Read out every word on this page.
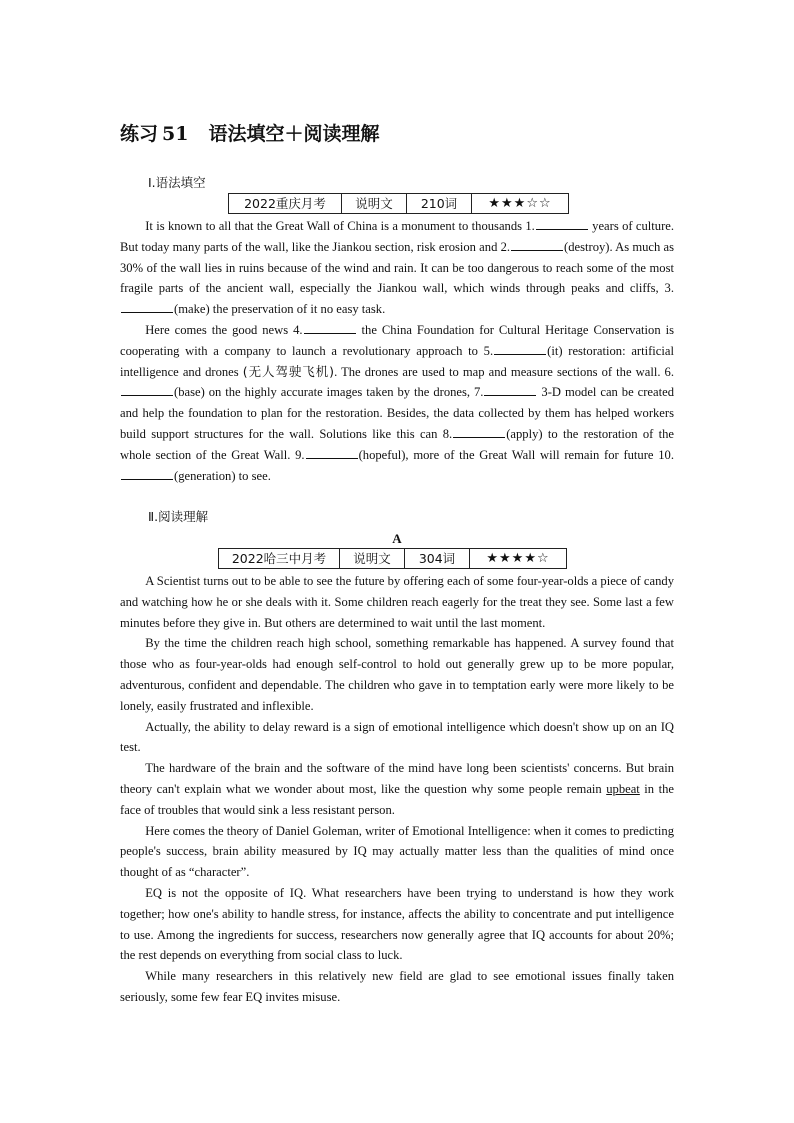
练习 51 语法填空＋阅读理解
Ⅰ.语法填空
2022重庆月考	说明文	210词	★★★☆☆

It is known to all that the Great Wall of China is a monument to thousands 1.	years of culture. But today many parts of the wall, like the Jiankou section, risk erosion and 2.	(destroy). As much as 30% of the wall lies in ruins because of the wind and rain. It can be too dangerous to reach some of the most fragile parts of the ancient wall, especially the Jiankou wall, which winds through peaks and cliffs, 3.(make) the preservation of it no easy task.

Here comes the good news 4.	the China Foundation for Cultural Heritage Conservation is cooperating with a company to launch a revolutionary approach to 5.	(it) restoration: artificial intelligence and drones (无人驾驶飞机). The drones are used to map and measure sections of the wall. 6.(base) on the highly accurate images taken by the drones, 7.	3-D model can be created and help the foundation to plan for the restoration. Besides, the data collected by them has helped workers build support structures for the wall. Solutions like this can 8.	(apply) to the restoration of the whole section of the Great Wall. 9.	(hopeful), more of the Great Wall will remain for future 10.(generation) to see.

Ⅱ.阅读理解
A
2022哈三中月考	说明文	304词	★★★★☆

A Scientist turns out to be able to see the future by offering each of some four-year-olds a piece of candy and watching how he or she deals with it. Some children reach eagerly for the treat they see. Some last a few minutes before they give in. But others are determined to wait until the last moment.

By the time the children reach high school, something remarkable has happened. A survey found that those who as four-year-olds had enough self-control to hold out generally grew up to be more popular, adventurous, confident and dependable. The children who gave in to temptation early were more likely to be lonely, easily frustrated and inflexible.

Actually, the ability to delay reward is a sign of emotional intelligence which doesn't show up on an IQ test.

The hardware of the brain and the software of the mind have long been scientists' concerns. But brain theory can't explain what we wonder about most, like the question why some people remain upbeat in the face of troubles that would sink a less resistant person.

Here comes the theory of Daniel Goleman, writer of Emotional Intelligence: when it comes to predicting people's success, brain ability measured by IQ may actually matter less than the qualities of mind once thought of as “character”.

EQ is not the opposite of IQ. What researchers have been trying to understand is how they work together; how one's ability to handle stress, for instance, affects the ability to concentrate and put intelligence to use. Among the ingredients for success, researchers now generally agree that IQ accounts for about 20%; the rest depends on everything from social class to luck.

While many researchers in this relatively new field are glad to see emotional issues finally taken seriously, some few fear EQ invites misuse.
